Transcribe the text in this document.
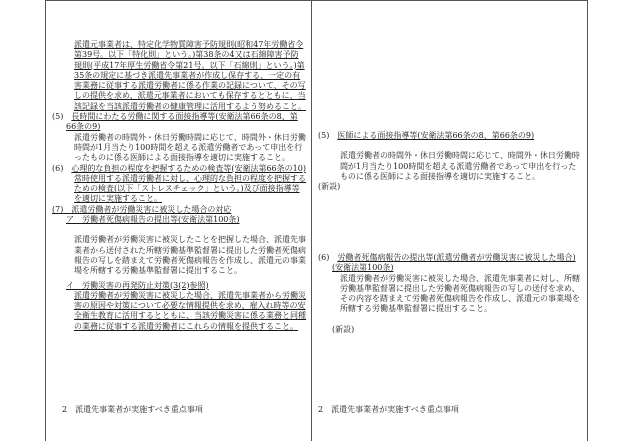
派遣元事業者は、特定化学物質障害予防規則(昭和47年労働省令第39号。以下「特化則」という。)第38条の4又は石綿障害予防規則(平成17年厚生労働省令第21号。以下「石綿則」という。)第35条の規定に基づき派遣先事業者が作成し保存する、一定の有害業務に従事する派遣労働者に係る作業の記録について、その写しの提供を求め、派遣元事業者においても保存するとともに、当該記録を当該派遣労働者の健康管理に活用するよう努めること。

(5)　 長時間にわたる労働に関する面接指導等(安衛法第66条の8、第66条の9)

派遣労働者の時間外・休日労働時間に応じて、時間外・休日労働時間が1月当たり100時間を超える派遣労働者であって申出を行ったものに係る医師による面接指導を適切に実施すること。

(6)　 心理的な負担の程度を把握するための検査等(安衛法第66条の10)

常時使用する派遣労働者に対し、心理的な負担の程度を把握するための検査(以下「ストレスチェック」という。)及び面接指導等を適切に実施すること。

(7)　 派遣労働者が労働災害に被災した場合の対応

ア　 労働者死傷病報告の提出等(安衛法第100条)

派遣労働者が労働災害に被災したことを把握した場合、派遣先事業者から送付された所轄労働基準監督署に提出した労働者死傷病報告の写しを踏まえて労働者死傷病報告を作成し、派遣元の事業場を所轄する労働基準監督署に提出すること。

イ　 労働災害の再発防止対策(3(2)参照)

派遣労働者が労働災害に被災した場合、派遣先事業者から労働災害の原因や対策について必要な情報提供を求め、雇入れ時等の安全衛生教育に活用するとともに、当該労働災害に係る業務と同種の業務に従事する派遣労働者にこれらの情報を提供すること。

(5)　 医師による面接指導等(安衛法第66条の8、第66条の9)

派遣労働者の時間外・休日労働時間に応じて、時間外・休日労働時間が1月当たり100時間を超える派遣労働者であって申出を行ったものに係る医師による面接指導を適切に実施すること。

(新設)

(6)　 労働者死傷病報告の提出等(派遣労働者が労働災害に被災した場合)(安衛法第100条)

派遣労働者が労働災害に被災した場合、派遣先事業者に対し、所轄労働基準監督署に提出した労働者死傷病報告の写しの送付を求め、その内容を踏まえて労働者死傷病報告を作成し、派遣元の事業場を所轄する労働基準監督署に提出すること。

(新設)

2　派遣先事業者が実施すべき重点事項	2　派遣先事業者が実施すべき重点事項
